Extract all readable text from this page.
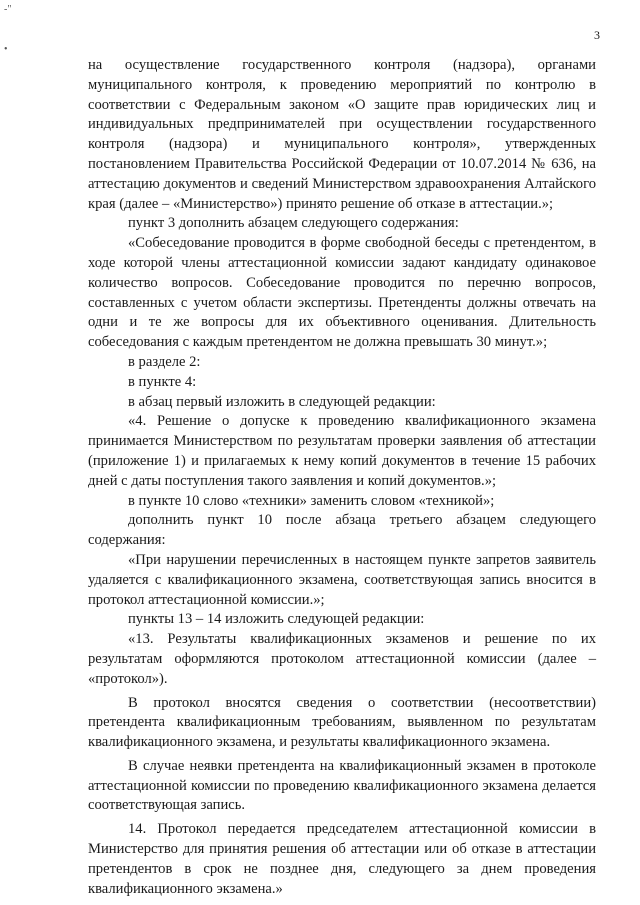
-"
•
3

на осуществление государственного контроля (надзора), органами муниципального контроля, к проведению мероприятий по контролю в соответствии с Федеральным законом «О защите прав юридических лиц и индивидуальных предпринимателей при осуществлении государственного контроля (надзора) и муниципального контроля», утвержденных постановлением Правительства Российской Федерации от 10.07.2014 № 636, на аттестацию документов и сведений Министерством здравоохранения Алтайского края (далее – «Министерство») принято решение об отказе в аттестации.»;

пункт 3 дополнить абзацем следующего содержания:

«Собеседование проводится в форме свободной беседы с претендентом, в ходе которой члены аттестационной комиссии задают кандидату одинаковое количество вопросов. Собеседование проводится по перечню вопросов, составленных с учетом области экспертизы. Претенденты должны отвечать на одни и те же вопросы для их объективного оценивания. Длительность собеседования с каждым претендентом не должна превышать 30 минут.»;

в разделе 2:

в пункте 4:

в абзац первый изложить в следующей редакции:

«4. Решение о допуске к проведению квалификационного экзамена принимается Министерством по результатам проверки заявления об аттестации (приложение 1) и прилагаемых к нему копий документов в течение 15 рабочих дней с даты поступления такого заявления и копий документов.»;

в пункте 10 слово «техники» заменить словом «техникой»;

дополнить пункт 10 после абзаца третьего абзацем следующего содержания:

«При нарушении перечисленных в настоящем пункте запретов заявитель удаляется с квалификационного экзамена, соответствующая запись вносится в протокол аттестационной комиссии.»;

пункты 13 – 14 изложить следующей редакции:

«13. Результаты квалификационных экзаменов и решение по их результатам оформляются протоколом аттестационной комиссии (далее – «протокол»).

В протокол вносятся сведения о соответствии (несоответствии) претендента квалификационным требованиям, выявленном по результатам квалификационного экзамена, и результаты квалификационного экзамена.

В случае неявки претендента на квалификационный экзамен в протоколе аттестационной комиссии по проведению квалификационного экзамена делается соответствующая запись.

14. Протокол передается председателем аттестационной комиссии в Министерство для принятия решения об аттестации или об отказе в аттестации претендентов в срок не позднее дня, следующего за днем проведения квалификационного экзамена.»
